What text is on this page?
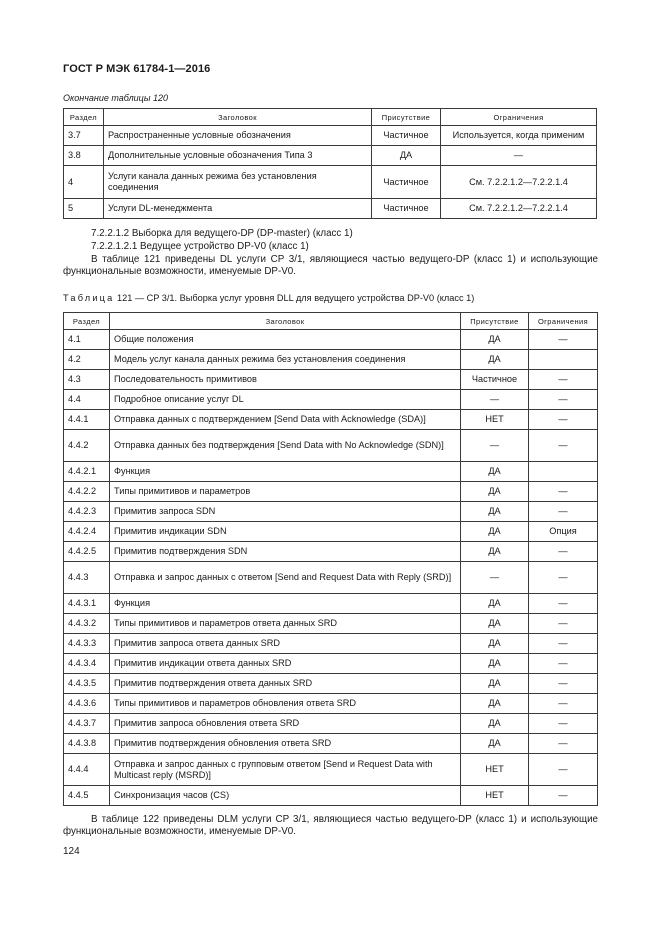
ГОСТ Р МЭК 61784-1—2016
Окончание таблицы 120
Раздел	Заголовок	Присутствие	Ограничения
3.7	Распространенные условные обозначения	Частичное	Используется, когда применим
3.8	Дополнительные условные обозначения Типа 3	ДА	—
4	Услуги канала данных режима без установления соединения	Частичное	См. 7.2.2.1.2—7.2.2.1.4
5	Услуги DL-менеджмента	Частичное	См. 7.2.2.1.2—7.2.2.1.4
7.2.2.1.2 Выборка для ведущего-DP (DP-master) (класс 1)
7.2.2.1.2.1 Ведущее устройство DP-V0 (класс 1)
В таблице 121 приведены DL услуги CP 3/1, являющиеся частью ведущего-DP (класс 1) и использующие функциональные возможности, именуемые DP-V0.
Таблица 121 — CP 3/1. Выборка услуг уровня DLL для ведущего устройства DP-V0 (класс 1)
Раздел	Заголовок	Присутствие	Ограничения
4.1	Общие положения	ДА	—
4.2	Модель услуг канала данных режима без установления соединения	ДА	
4.3	Последовательность примитивов	Частичное	—
4.4	Подробное описание услуг DL	—	—
4.4.1	Отправка данных с подтверждением [Send Data with Acknowledge (SDA)]	НЕТ	—
4.4.2	Отправка данных без подтверждения [Send Data with No Acknowledge (SDN)]	—	—
4.4.2.1	Функция	ДА	
4.4.2.2	Типы примитивов и параметров	ДА	—
4.4.2.3	Примитив запроса SDN	ДА	—
4.4.2.4	Примитив индикации SDN	ДА	Опция
4.4.2.5	Примитив подтверждения SDN	ДА	—
4.4.3	Отправка и запрос данных с ответом [Send and Request Data with Reply (SRD)]	—	—
4.4.3.1	Функция	ДА	—
4.4.3.2	Типы примитивов и параметров ответа данных SRD	ДА	—
4.4.3.3	Примитив запроса ответа данных SRD	ДА	—
4.4.3.4	Примитив индикации ответа данных SRD	ДА	—
4.4.3.5	Примитив подтверждения ответа данных SRD	ДА	—
4.4.3.6	Типы примитивов и параметров обновления ответа SRD	ДА	—
4.4.3.7	Примитив запроса обновления ответа SRD	ДА	—
4.4.3.8	Примитив подтверждения обновления ответа SRD	ДА	—
4.4.4	Отправка и запрос данных с групповым ответом [Send и Request Data with Multicast reply (MSRD)]	НЕТ	—
4.4.5	Синхронизация часов (CS)	НЕТ	—
В таблице 122 приведены DLM услуги CP 3/1, являющиеся частью ведущего-DP (класс 1) и использующие функциональные возможности, именуемые DP-V0.
124
